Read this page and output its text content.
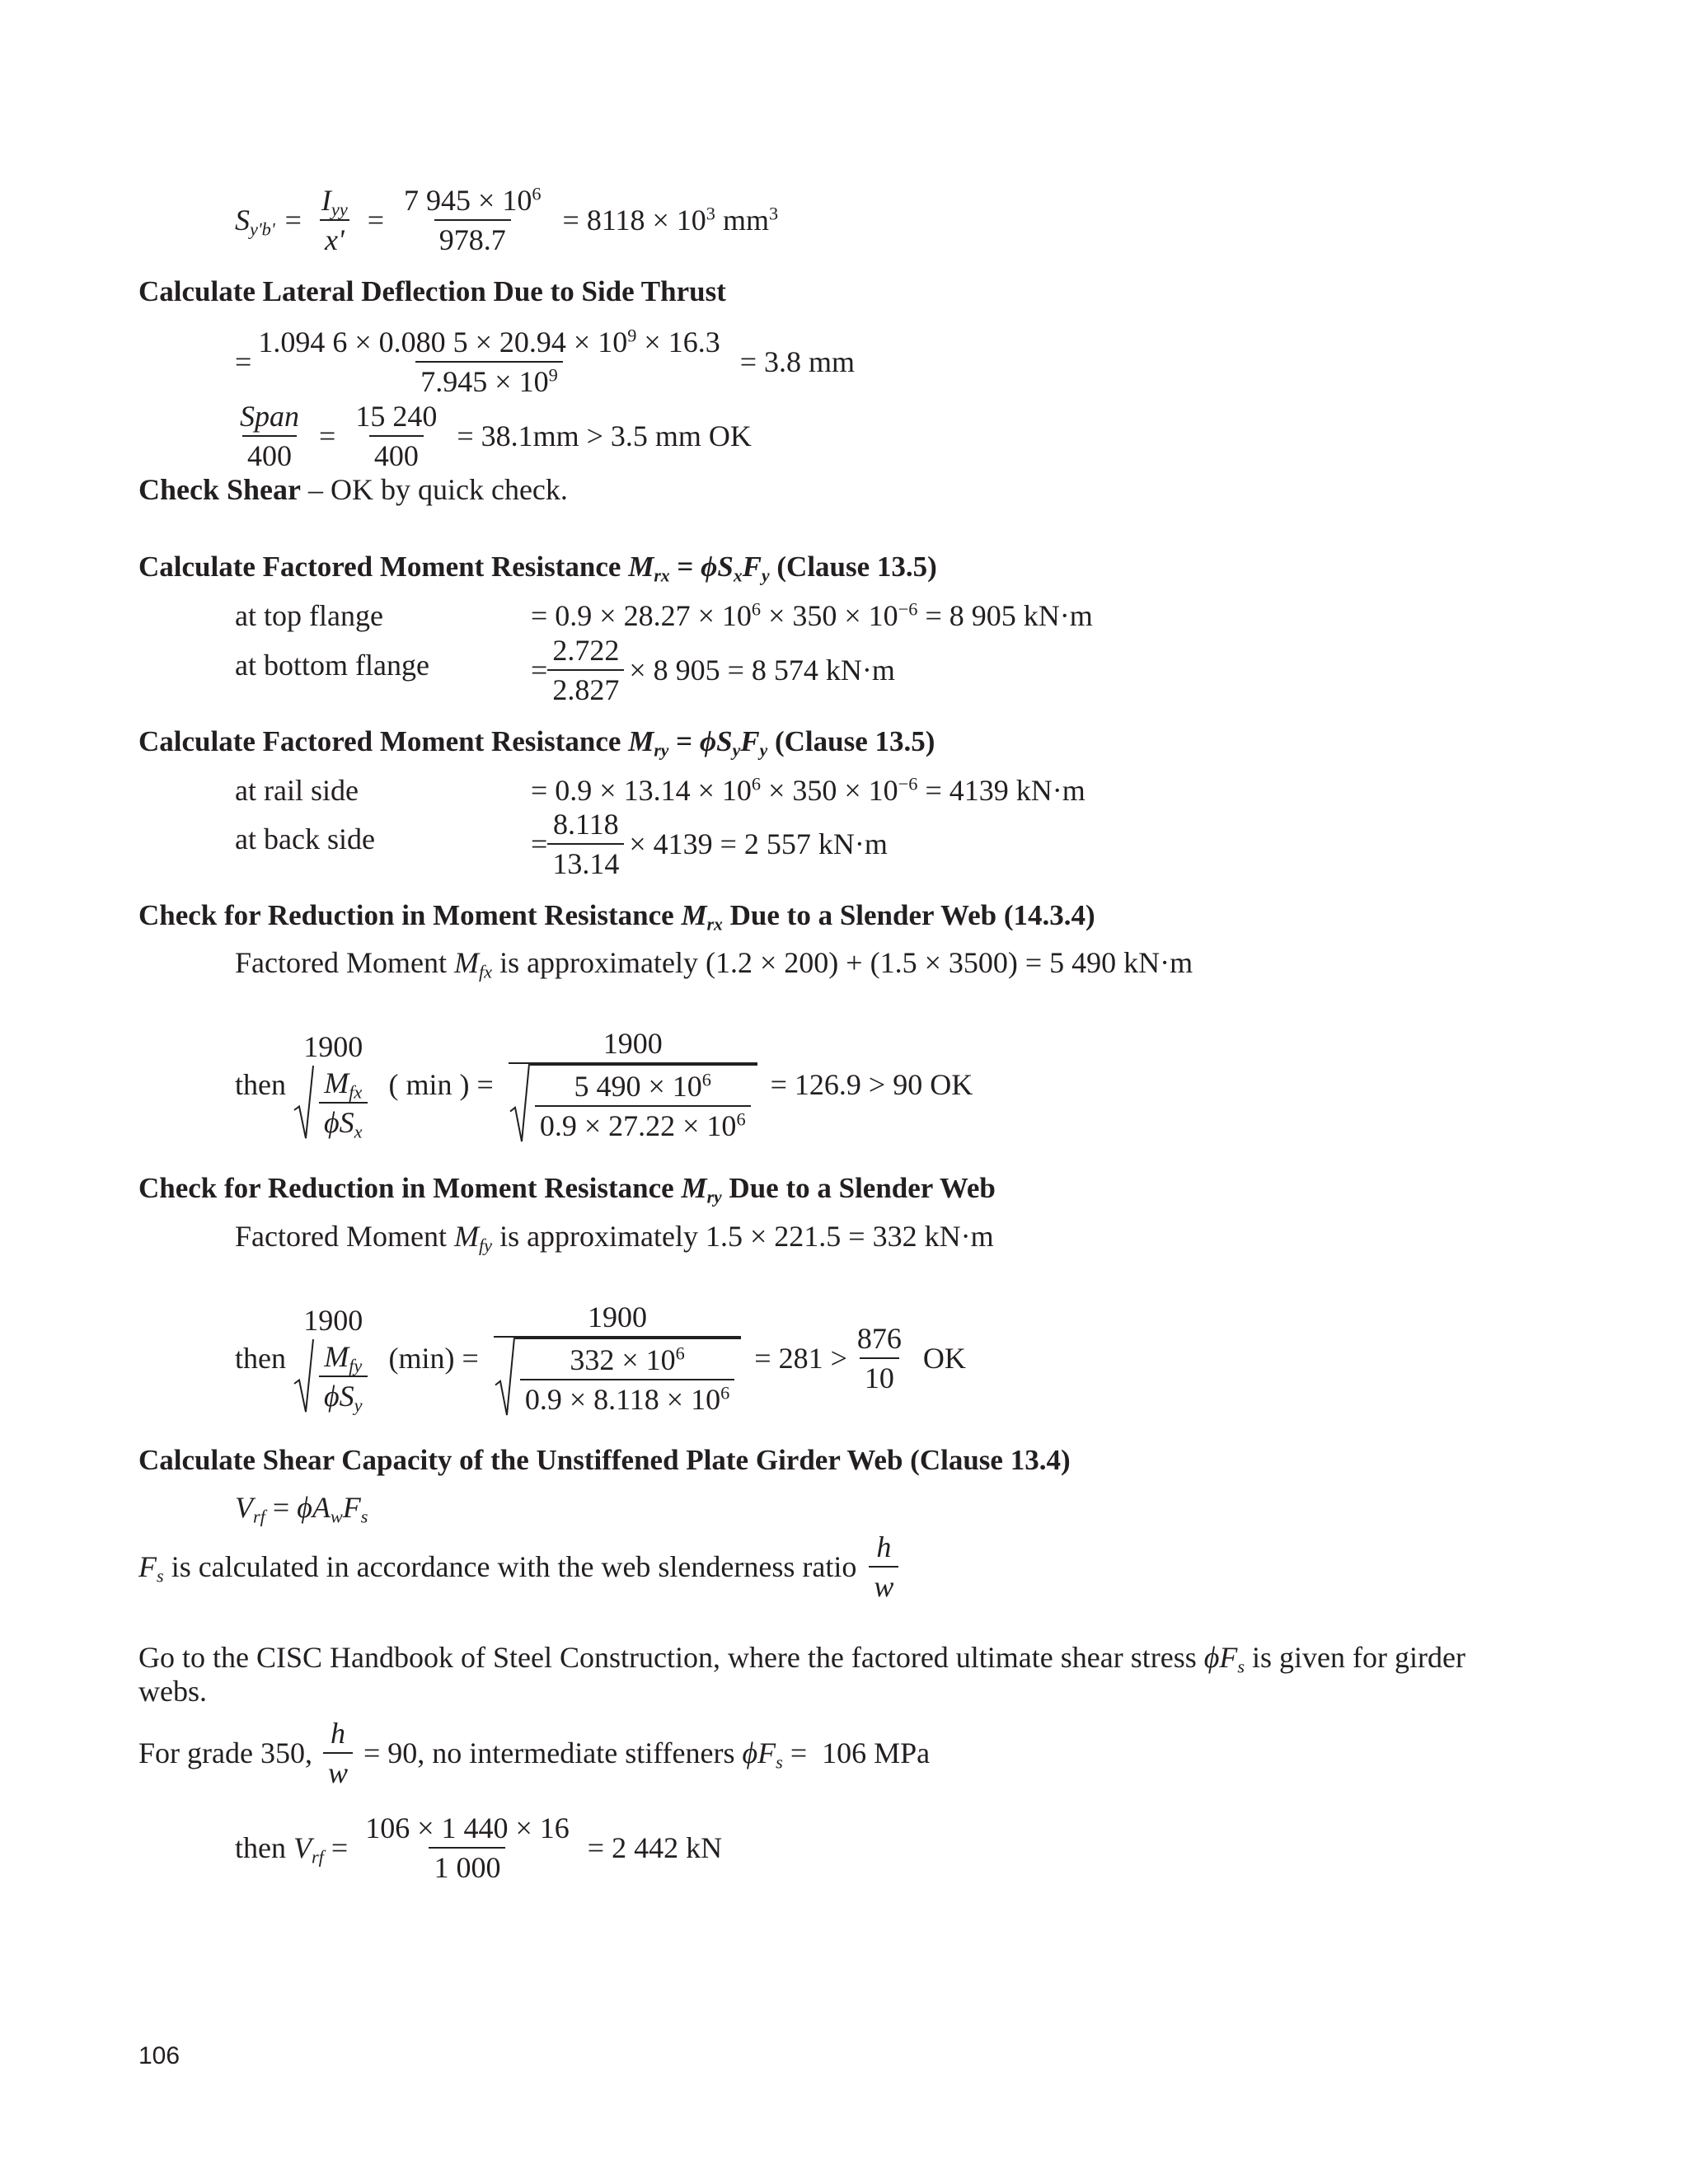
$S_{y'b'} = \frac{I_{yy}}{x'} = \frac{7 945 \times 10^6}{978.7} = 8118 \times 10^3$ $mm^3$
Calculate Lateral Deflection Due to Side Thrust
= $\frac{1.094 6 \times 0.080 5 \times 20.94 \times 10^9 \times 16.3}{7.945 \times 10^9} = 3.8$ mm
$\frac{\text{Span}}{400} = \frac{15 240}{400} = 38.1mm > 3.5$ mm OK
Check Shear – OK by quick check.
Calculate Factored Moment Resistance $M_{rx} = \phi S_xF_y$ (Clause 13.5)
at top flange	= $0.9 \times 28.27 \times 10^6 \times 350 \times 10^{-6} = 8$ 905 kN·m
at bottom flange	= $\frac{2.722}{2.827} \times 8$ 905 = 8 574 kN·m
Calculate Factored Moment Resistance $M_{ry} = \phi S_yF_y$ (Clause 13.5)
at rail side	= $0.9 \times 13.14 \times 10^6 \times 350 \times 10^{-6} = 4139$ kN·m
at back side	= $\frac{8.118}{13.14} \times 4139 = 2$ 557 kN·m
Check for Reduction in Moment Resistance $M_{rx}$ Due to a Slender Web (14.3.4)
Factored Moment $M_{fx}$ is approximately (1.2 × 200) + (1.5 × 3500) = 5 490 kN·m
then
1900
$\frac{M_{fx}}{\phi S_x}$ ( min ) = $\frac{1900}{\frac{5 490 \times 10^6}{0.9 \times 27.22 \times 10^6}} = 126.9 > 90$ OK
Check for Reduction in Moment Resistance $M_{ry}$ Due to a Slender Web
Factored Moment $M_{fy}$ is approximately 1.5 × 221.5 = 332 kN·m
then
1900
$\frac{M_{fy}}{\phi S_y} (\min) = \frac{1900}{\frac{332 \times 10^6}{0.9 \times 8.118 \times 10^6}} = 281 > \frac{876}{10}$ OK
Calculate Shear Capacity of the Unstiffened Plate Girder Web (Clause 13.4)
$V_{rf} = \phi A_wF_s$
$F_s$ is calculated in accordance with the web slenderness ratio $\frac{h}{w}$
Go to the CISC Handbook of Steel Construction, where the factored ultimate shear stress $\phi F_s$ is given for girder
webs.
For grade 350, $\frac{h}{w} = 90$, no intermediate stiffeners ϕ $F_s = 106$ MPa
then $V_{rf} = \frac{106 \times 1 440 \times 16}{1 000} = 2$ 442 kN
106
